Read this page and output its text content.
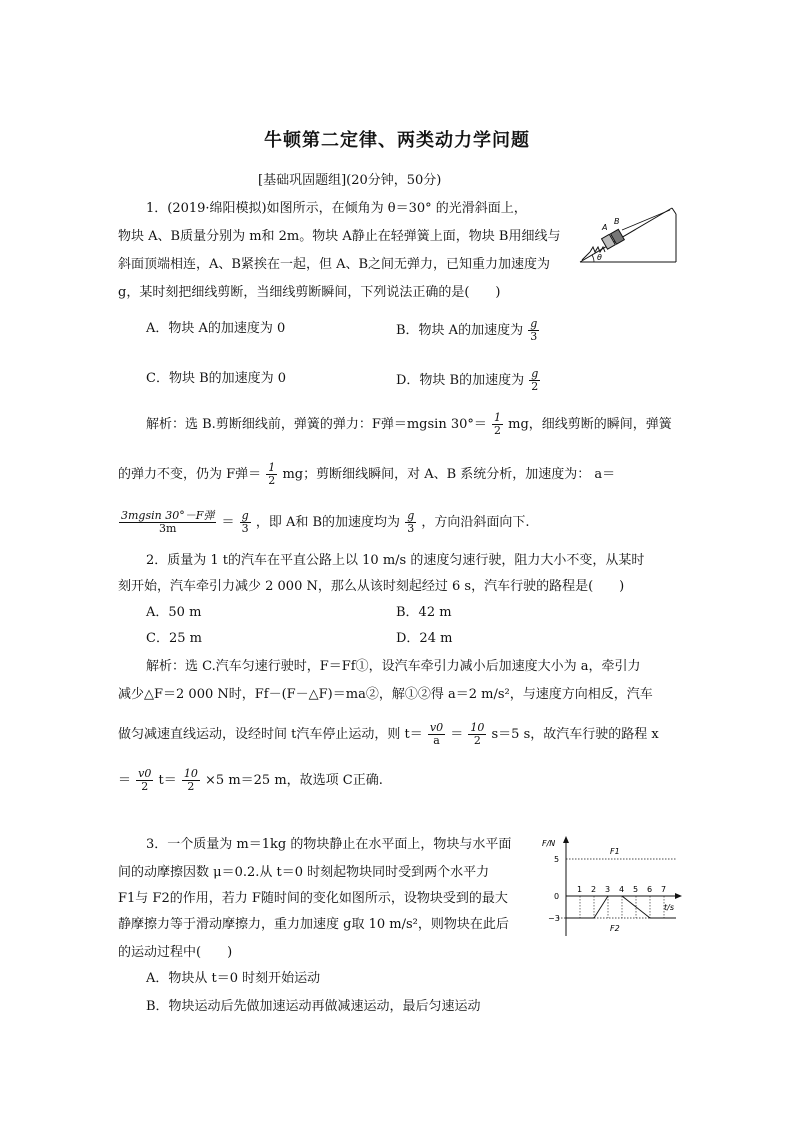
牛顿第二定律、两类动力学问题
[基础巩固题组](20分钟，50分)
1．(2019·绵阳模拟)如图所示，在倾角为 θ＝30° 的光滑斜面上，
物块 A、B质量分别为 m和 2m。物块 A静止在轻弹簧上面，物块 B用细线与
斜面顶端相连，A、B紧挨在一起，但 A、B之间无弹力，已知重力加速度为
g，某时刻把细线剪断，当细线剪断瞬间，下列说法正确的是(　　)
A
B
θ
A．物块 A的加速度为 0	B．物块 A的加速度为 $\frac{g}{3}$
C．物块 B的加速度为 0	D．物块 B的加速度为 $\frac{g}{2}$
解析：选 B.剪断细线前，弹簧的弹力：F弹＝mgsin $30^\circ= \frac{1}{2}$ mg，细线剪断的瞬间，弹簧
的弹力不变，仍为 F弹＝ $\frac{1}{2}$ mg；剪断细线瞬间，对 A、B 系统分析，加速度为： a＝
$\frac{\text{3mgsin 30°－F弹}}{3m} = \frac{g}{3}$ ，即 A和 B的加速度均为 $\frac{g}{3}$ ，方向沿斜面向下.
2．质量为 1 t的汽车在平直公路上以 10 m/s 的速度匀速行驶，阻力大小不变，从某时
刻开始，汽车牵引力减少 2 000 N，那么从该时刻起经过 6 s，汽车行驶的路程是(　　)
A．50 m	B．42 m
C．25 m	D．24 m
解析：选 C.汽车匀速行驶时，F＝Ff①，设汽车牵引力减小后加速度大小为 a，牵引力
减少△F＝2 000 N时，Ff－(F－△F)＝ma②，解①②得 a＝2 m/s²，与速度方向相反，汽车
做匀减速直线运动，设经时间 t汽车停止运动，则 $t= \frac{v0}{a} = \frac{10}{2} s=5$ s，故汽车行驶的路程 x
＝ $\frac{v0}{2} t= \frac{10}{2} \times 5$ m＝25 m，故选项 C正确.
3．一个质量为 m＝1kg 的物块静止在水平面上，物块与水平面
间的动摩擦因数 μ＝0.2.从 t＝0 时刻起物块同时受到两个水平力
F1与 F2的作用，若力 F随时间的变化如图所示，设物块受到的最大
静摩擦力等于滑动摩擦力，重力加速度 g取 10 m/s²，则物块在此后
的运动过程中(　　)
A．物块从 t＝0 时刻开始运动
B．物块运动后先做加速运动再做减速运动，最后匀速运动
F/N
t/s
5
0
−3
1 2 3 4 5 6 7
F1
F2
